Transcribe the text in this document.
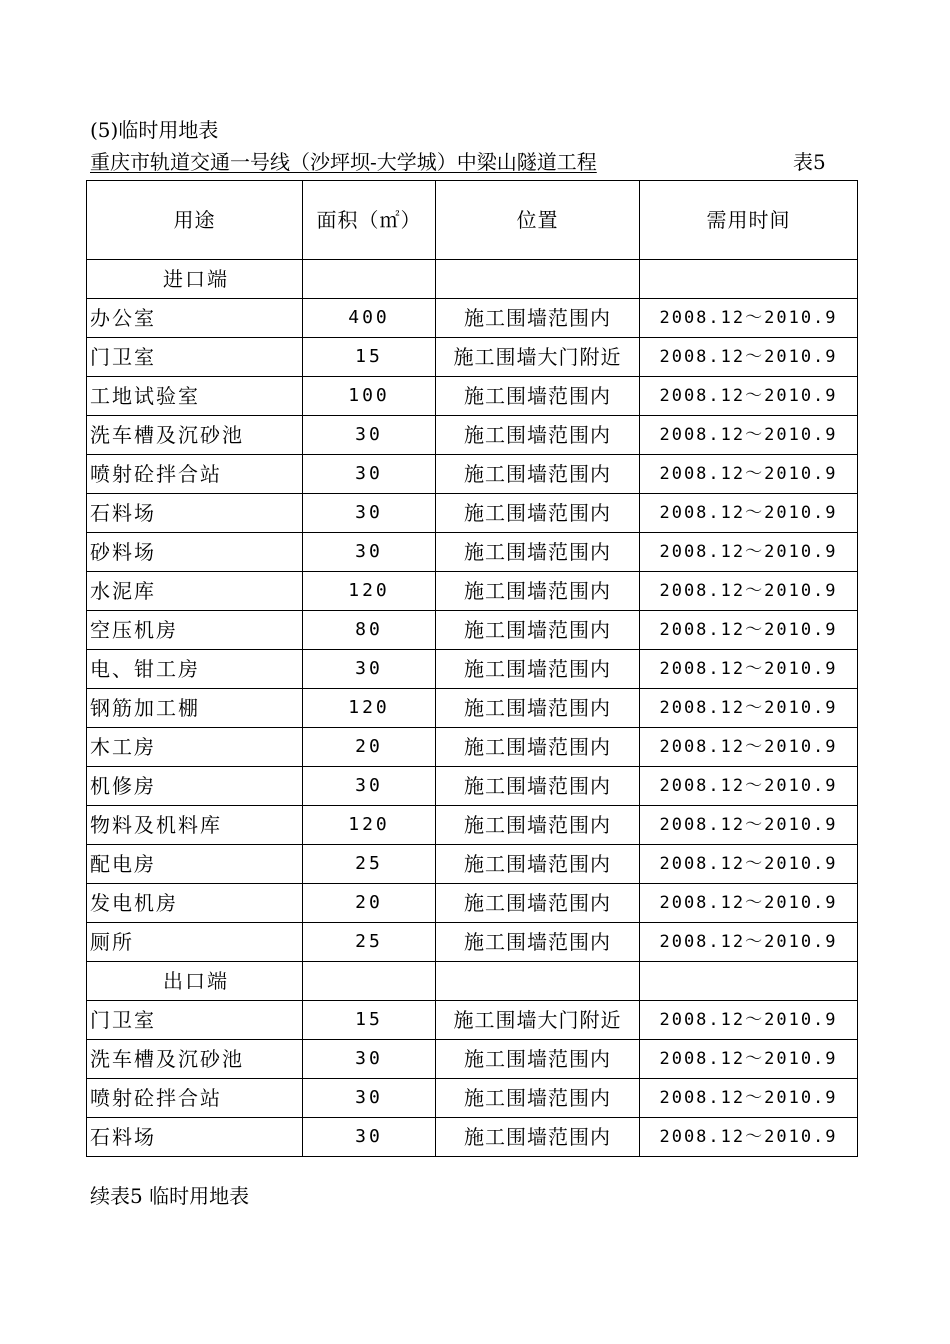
(5)临时用地表
重庆市轨道交通一号线（沙坪坝-大学城）中梁山隧道工程	表5
用途	面积（㎡）	位置	需用时间
进口端			
办公室	400	施工围墙范围内	2008.12～2010.9
门卫室	15	施工围墙大门附近	2008.12～2010.9
工地试验室	100	施工围墙范围内	2008.12～2010.9
洗车槽及沉砂池	30	施工围墙范围内	2008.12～2010.9
喷射砼拌合站	30	施工围墙范围内	2008.12～2010.9
石料场	30	施工围墙范围内	2008.12～2010.9
砂料场	30	施工围墙范围内	2008.12～2010.9
水泥库	120	施工围墙范围内	2008.12～2010.9
空压机房	80	施工围墙范围内	2008.12～2010.9
电、钳工房	30	施工围墙范围内	2008.12～2010.9
钢筋加工棚	120	施工围墙范围内	2008.12～2010.9
木工房	20	施工围墙范围内	2008.12～2010.9
机修房	30	施工围墙范围内	2008.12～2010.9
物料及机料库	120	施工围墙范围内	2008.12～2010.9
配电房	25	施工围墙范围内	2008.12～2010.9
发电机房	20	施工围墙范围内	2008.12～2010.9
厕所	25	施工围墙范围内	2008.12～2010.9
出口端			
门卫室	15	施工围墙大门附近	2008.12～2010.9
洗车槽及沉砂池	30	施工围墙范围内	2008.12～2010.9
喷射砼拌合站	30	施工围墙范围内	2008.12～2010.9
石料场	30	施工围墙范围内	2008.12～2010.9
续表5 临时用地表
